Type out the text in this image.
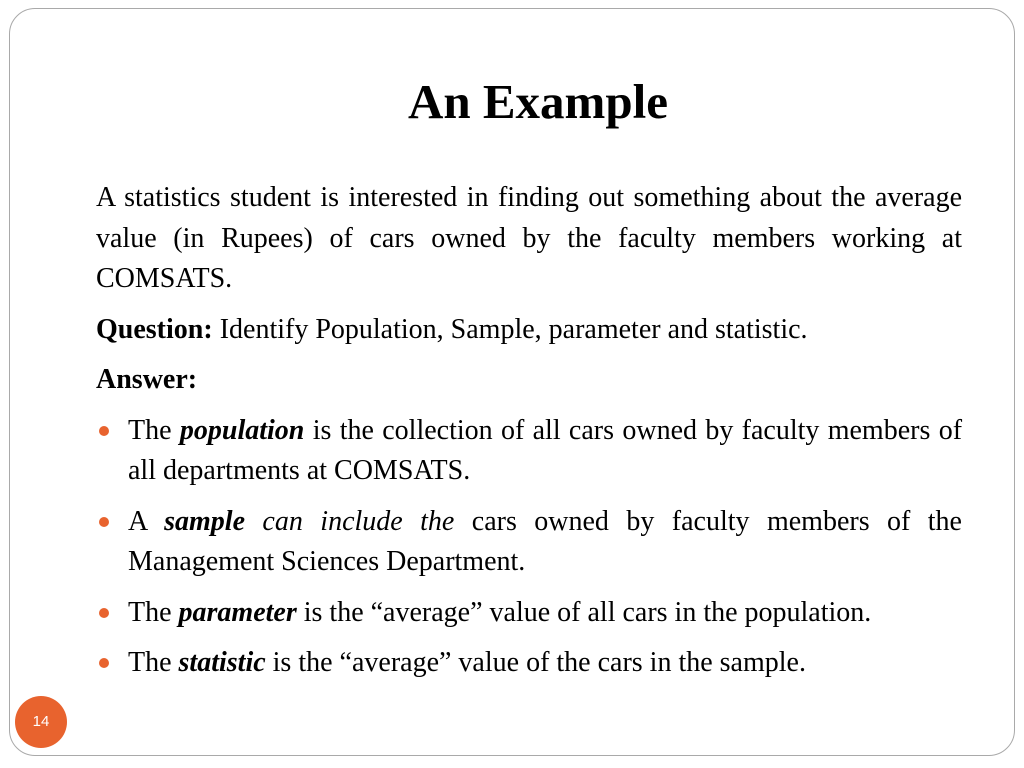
An Example

A statistics student is interested in finding out something about the average value (in Rupees) of cars owned by the faculty members working at COMSATS.

Question: Identify Population, Sample, parameter and statistic.

Answer:

The population is the collection of all cars owned by faculty members of all departments at COMSATS.
A sample can include the cars owned by faculty members of the Management Sciences Department.
The parameter is the “average” value of all cars in the population.
The statistic is the “average” value of the cars in the sample.
14
